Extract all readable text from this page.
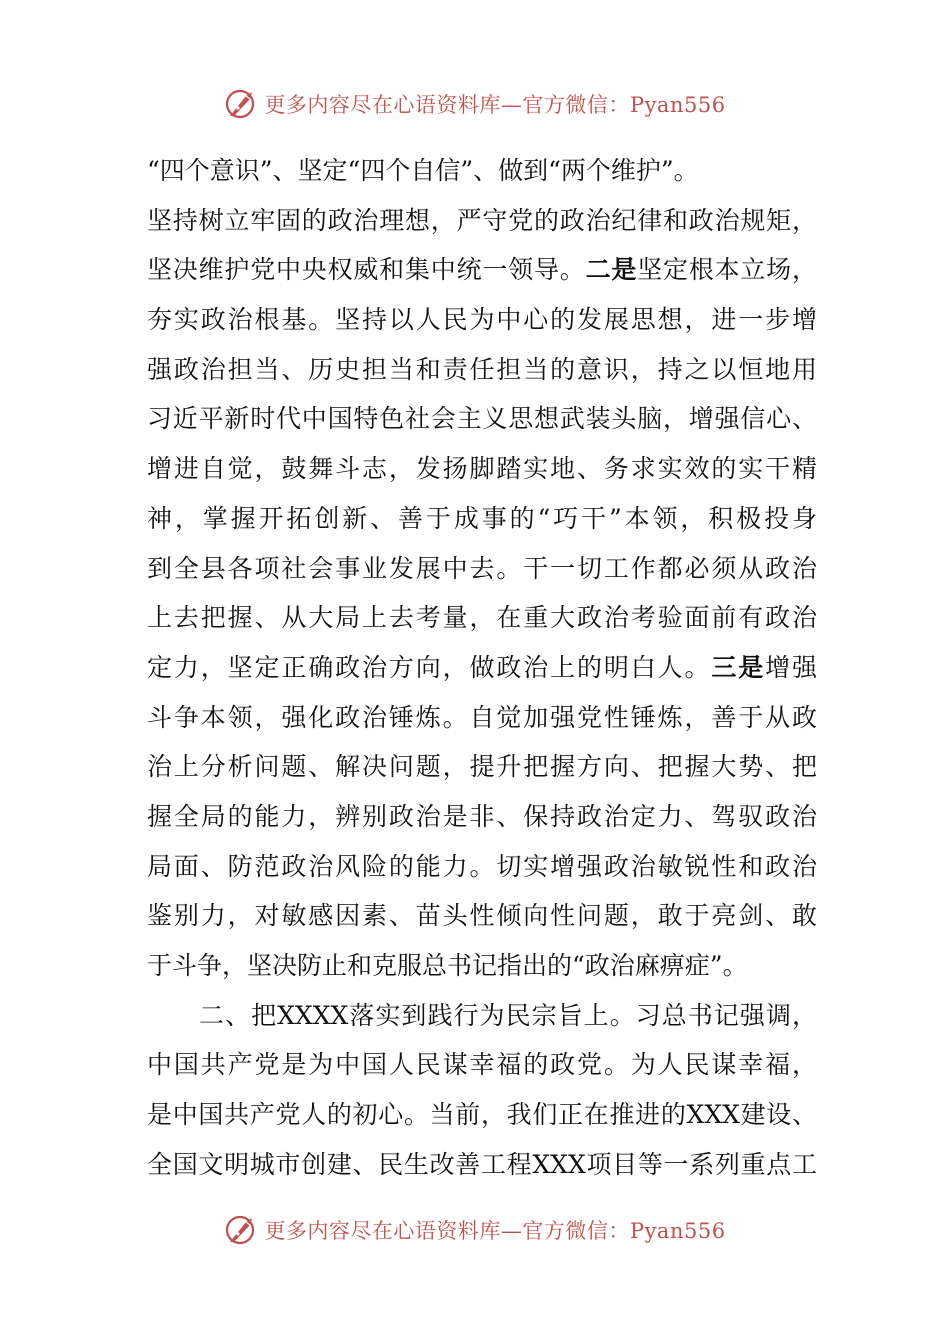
更多内容尽在心语资料库—官方微信：Pyan556
“四个意识”、坚定“四个自信”、做到“两个维护”。
坚持树立牢固的政治理想，严守党的政治纪律和政治规矩，
坚决维护党中央权威和集中统一领导。二是坚定根本立场，
夯实政治根基。坚持以人民为中心的发展思想，进一步增
强政治担当、历史担当和责任担当的意识，持之以恒地用
习近平新时代中国特色社会主义思想武装头脑，增强信心、
增进自觉，鼓舞斗志，发扬脚踏实地、务求实效的实干精
神，掌握开拓创新、善于成事的“巧干”本领，积极投身
到全县各项社会事业发展中去。干一切工作都必须从政治
上去把握、从大局上去考量，在重大政治考验面前有政治
定力，坚定正确政治方向，做政治上的明白人。三是增强
斗争本领，强化政治锤炼。自觉加强党性锤炼，善于从政
治上分析问题、解决问题，提升把握方向、把握大势、把
握全局的能力，辨别政治是非、保持政治定力、驾驭政治
局面、防范政治风险的能力。切实增强政治敏锐性和政治
鉴别力，对敏感因素、苗头性倾向性问题，敢于亮剑、敢
于斗争，坚决防止和克服总书记指出的“政治麻痹症”。
二、把XXXX落实到践行为民宗旨上。习总书记强调，
中国共产党是为中国人民谋幸福的政党。为人民谋幸福，
是中国共产党人的初心。当前，我们正在推进的XXX建设、
全国文明城市创建、民生改善工程XXX项目等一系列重点工
更多内容尽在心语资料库—官方微信：Pyan556
